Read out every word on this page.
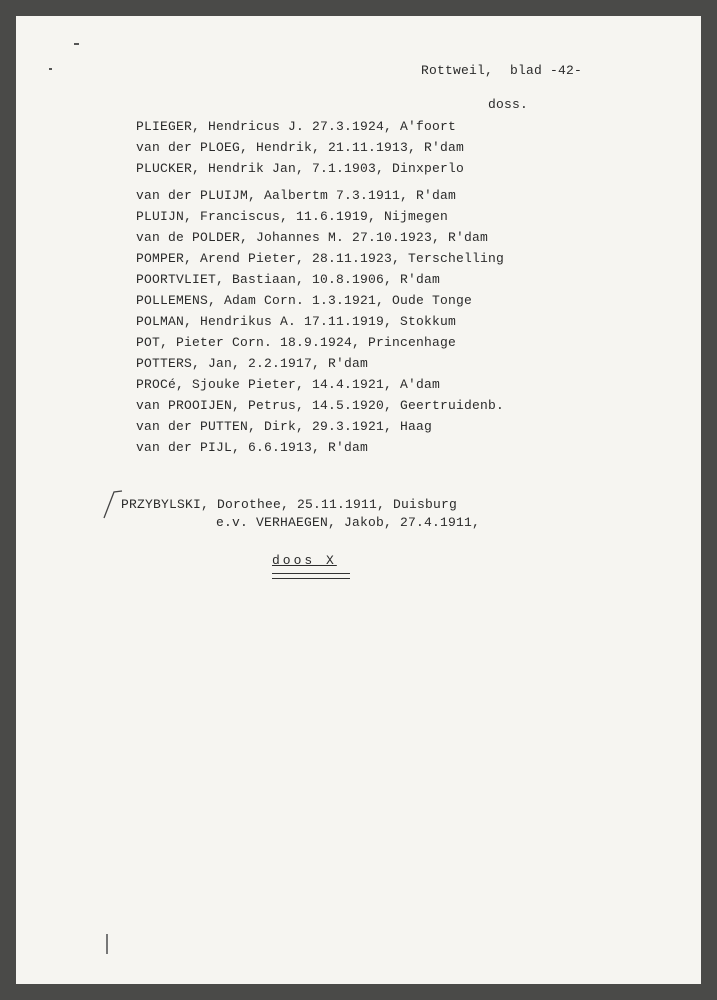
Rottweil, blad -42-
doss.
PLIEGER, Hendricus J. 27.3.1924, A'foort
van der PLOEG, Hendrik, 21.11.1913, R'dam
PLUCKER, Hendrik Jan, 7.1.1903, Dinxperlo
van der PLUIJM, Aalbertm 7.3.1911, R'dam
PLUIJN, Franciscus, 11.6.1919, Nijmegen
van de POLDER, Johannes M. 27.10.1923, R'dam
POMPER, Arend Pieter, 28.11.1923, Terschelling
POORTVLIET, Bastiaan, 10.8.1906, R'dam
POLLEMENS, Adam Corn. 1.3.1921, Oude Tonge
POLMAN, Hendrikus A. 17.11.1919, Stokkum
POT, Pieter Corn. 18.9.1924, Princenhage
POTTERS, Jan, 2.2.1917, R'dam
PROCé, Sjouke Pieter, 14.4.1921, A'dam
van PROOIJEN, Petrus, 14.5.1920, Geertruidenb.
van der PUTTEN, Dirk, 29.3.1921, Haag
van der PIJL, 6.6.1913, R'dam
PRZYBYLSKI, Dorothee, 25.11.1911, Duisburg
e.v. VERHAEGEN, Jakob, 27.4.1911,
doos X
